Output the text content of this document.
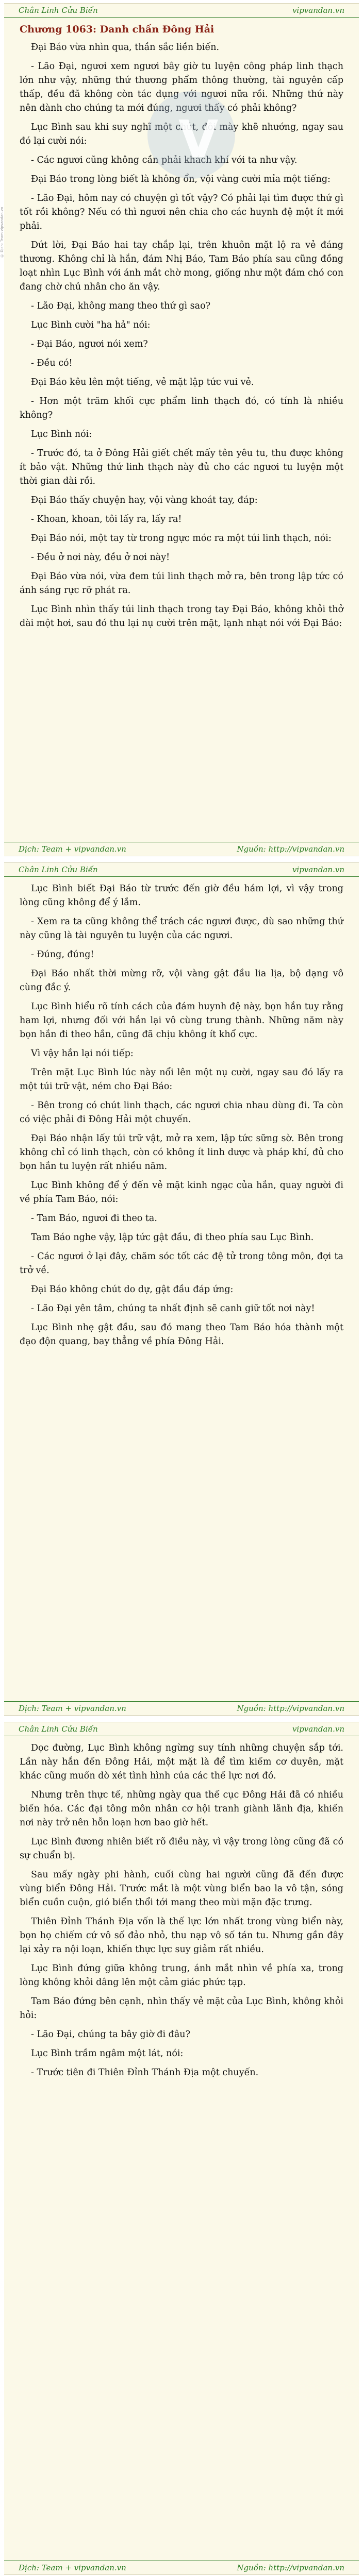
Chân Linh Cửu Biến	vipvandan.vn
V

Chương 1063: Danh chấn Đông Hải

Đại Báo vừa nhìn qua, thần sắc liền biến.

- Lão Đại, ngươi xem ngươi bây giờ tu luyện công pháp linh thạch lớn như vậy, những thứ thương phẩm thông thường, tài nguyên cấp thấp, đều đã không còn tác dụng với ngươi nữa rồi. Những thứ này nên dành cho chúng ta mới đúng, ngươi thấy có phải không?

Lục Bình sau khi suy nghĩ một chút, đôi mày khẽ nhướng, ngay sau đó lại cười nói:

- Các ngươi cũng không cần phải khách khí với ta như vậy.

Đại Báo trong lòng biết là không ổn, vội vàng cười mỉa một tiếng:

- Lão Đại, hôm nay có chuyện gì tốt vậy? Có phải lại tìm được thứ gì tốt rồi không? Nếu có thì ngươi nên chia cho các huynh đệ một ít mới phải.

Dứt lời, Đại Báo hai tay chắp lại, trên khuôn mặt lộ ra vẻ đáng thương. Không chỉ là hắn, đám Nhị Báo, Tam Báo phía sau cũng đồng loạt nhìn Lục Bình với ánh mắt chờ mong, giống như một đám chó con đang chờ chủ nhân cho ăn vậy.

- Lão Đại, không mang theo thứ gì sao?

Lục Bình cười "ha hả" nói:

- Đại Báo, ngươi nói xem?

- Đều có!

Đại Báo kêu lên một tiếng, vẻ mặt lập tức vui vẻ.

- Hơn một trăm khối cực phẩm linh thạch đó, có tính là nhiều không?

Lục Bình nói:

- Trước đó, ta ở Đông Hải giết chết mấy tên yêu tu, thu được không ít bảo vật. Những thứ linh thạch này đủ cho các ngươi tu luyện một thời gian dài rồi.

Đại Báo thấy chuyện hay, vội vàng khoát tay, đáp:

- Khoan, khoan, tôi lấy ra, lấy ra!

Đại Báo nói, một tay từ trong ngực móc ra một túi linh thạch, nói:

- Đều ở nơi này, đều ở nơi này!

Đại Báo vừa nói, vừa đem túi linh thạch mở ra, bên trong lập tức có ánh sáng rực rỡ phát ra.

Lục Bình nhìn thấy túi linh thạch trong tay Đại Báo, không khỏi thở dài một hơi, sau đó thu lại nụ cười trên mặt, lạnh nhạt nói với Đại Báo:

Dịch: Team + vipvandan.vn	Nguồn: http://vipvandan.vn
Chân Linh Cửu Biến	vipvandan.vn

Lục Bình biết Đại Báo từ trước đến giờ đều hám lợi, vì vậy trong lòng cũng không để ý lắm.

- Xem ra ta cũng không thể trách các ngươi được, dù sao những thứ này cũng là tài nguyên tu luyện của các ngươi.

- Đúng, đúng!

Đại Báo nhất thời mừng rỡ, vội vàng gật đầu lia lịa, bộ dạng vô cùng đắc ý.

Lục Bình hiểu rõ tính cách của đám huynh đệ này, bọn hắn tuy rằng ham lợi, nhưng đối với hắn lại vô cùng trung thành. Những năm này bọn hắn đi theo hắn, cũng đã chịu không ít khổ cực.

Vì vậy hắn lại nói tiếp:

Trên mặt Lục Bình lúc này nổi lên một nụ cười, ngay sau đó lấy ra một túi trữ vật, ném cho Đại Báo:

- Bên trong có chút linh thạch, các ngươi chia nhau dùng đi. Ta còn có việc phải đi Đông Hải một chuyến.

Đại Báo nhận lấy túi trữ vật, mở ra xem, lập tức sững sờ. Bên trong không chỉ có linh thạch, còn có không ít linh dược và pháp khí, đủ cho bọn hắn tu luyện rất nhiều năm.

Lục Bình không để ý đến vẻ mặt kinh ngạc của hắn, quay người đi về phía Tam Báo, nói:

- Tam Báo, ngươi đi theo ta.

Tam Báo nghe vậy, lập tức gật đầu, đi theo phía sau Lục Bình.

- Các ngươi ở lại đây, chăm sóc tốt các đệ tử trong tông môn, đợi ta trở về.

Đại Báo không chút do dự, gật đầu đáp ứng:

- Lão Đại yên tâm, chúng ta nhất định sẽ canh giữ tốt nơi này!

Lục Bình nhẹ gật đầu, sau đó mang theo Tam Báo hóa thành một đạo độn quang, bay thẳng về phía Đông Hải.

Dịch: Team + vipvandan.vn	Nguồn: http://vipvandan.vn
Chân Linh Cửu Biến	vipvandan.vn

Dọc đường, Lục Bình không ngừng suy tính những chuyện sắp tới. Lần này hắn đến Đông Hải, một mặt là để tìm kiếm cơ duyên, mặt khác cũng muốn dò xét tình hình của các thế lực nơi đó.

Nhưng trên thực tế, những ngày qua thế cục Đông Hải đã có nhiều biến hóa. Các đại tông môn nhân cơ hội tranh giành lãnh địa, khiến nơi này trở nên hỗn loạn hơn bao giờ hết.

Lục Bình đương nhiên biết rõ điều này, vì vậy trong lòng cũng đã có sự chuẩn bị.

Sau mấy ngày phi hành, cuối cùng hai người cũng đã đến được vùng biển Đông Hải. Trước mắt là một vùng biển bao la vô tận, sóng biển cuồn cuộn, gió biển thổi tới mang theo mùi mặn đặc trưng.

Thiên Đỉnh Thánh Địa vốn là thế lực lớn nhất trong vùng biển này, bọn họ chiếm cứ vô số đảo nhỏ, thu nạp vô số tán tu. Nhưng gần đây lại xảy ra nội loạn, khiến thực lực suy giảm rất nhiều.

Lục Bình đứng giữa không trung, ánh mắt nhìn về phía xa, trong lòng không khỏi dâng lên một cảm giác phức tạp.

Tam Báo đứng bên cạnh, nhìn thấy vẻ mặt của Lục Bình, không khỏi hỏi:

- Lão Đại, chúng ta bây giờ đi đâu?

Lục Bình trầm ngâm một lát, nói:

- Trước tiên đi Thiên Đỉnh Thánh Địa một chuyến.

Dịch: Team + vipvandan.vn	Nguồn: http://vipvandan.vn

© Dịch: Team vipvandan.vn
